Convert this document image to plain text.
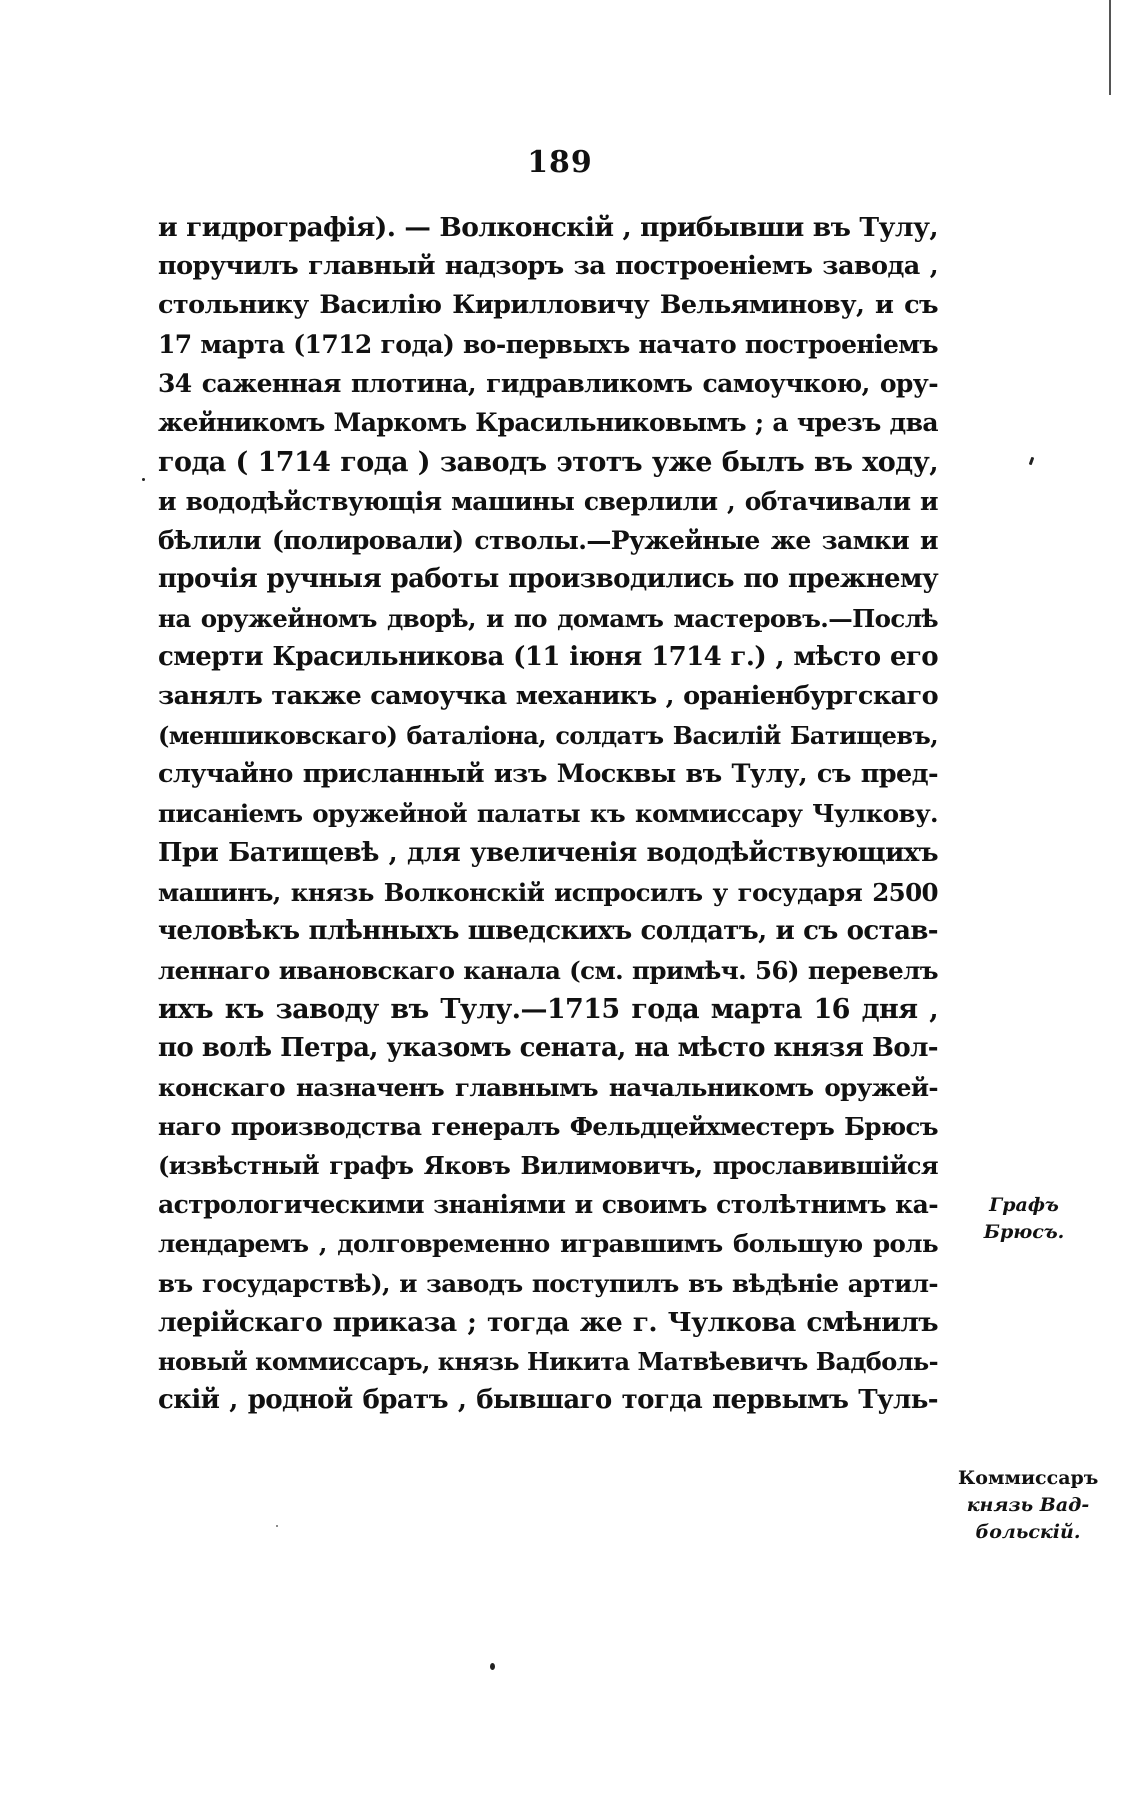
189
и гидрографія). — Волконскій , прибывши въ Тулу,
поручилъ главный надзоръ за построеніемъ завода ,
стольнику Василію Кирилловичу Вельяминову, и съ
17 марта (1712 года) во-первыхъ начато построеніемъ
34 саженная плотина, гидравликомъ самоучкою, ору-
жейникомъ Маркомъ Красильниковымъ ; а чрезъ два
года ( 1714 года ) заводъ этотъ уже былъ въ ходу,
и вододѣйствующія машины сверлили , обтачивали и
бѣлили (полировали) стволы.—Ружейные же замки и
прочія ручныя работы производились по прежнему
на оружейномъ дворѣ, и по домамъ мастеровъ.—Послѣ
смерти Красильникова (11 іюня 1714 г.) , мѣсто его
занялъ также самоучка механикъ , ораніенбургскаго
(меншиковскаго) баталіона, солдатъ Василій Батищевъ,
случайно присланный изъ Москвы въ Тулу, съ пред-
писаніемъ оружейной палаты къ коммиссару Чулкову.
При Батищевѣ , для увеличенія вододѣйствующихъ
машинъ, князь Волконскій испросилъ у государя 2500
человѣкъ плѣнныхъ шведскихъ солдатъ, и съ остав-
леннаго ивановскаго канала (см. примѣч. 56) перевелъ
ихъ къ заводу въ Тулу.—1715 года марта 16 дня ,
по волѣ Петра, указомъ сената, на мѣсто князя Вол-
конскаго назначенъ главнымъ начальникомъ оружей-
наго производства генералъ Фельдцейхместеръ Брюсъ
(извѣстный графъ Яковъ Вилимовичъ, прославившійся
астрологическими знаніями и своимъ столѣтнимъ ка-
лендаремъ , долговременно игравшимъ большую роль
въ государствѣ), и заводъ поступилъ въ вѣдѣніе артил-
лерійскаго приказа ; тогда же г. Чулкова смѣнилъ
новый коммиссаръ, князь Никита Матвѣевичъ Вадболь-
скій , родной братъ , бывшаго тогда первымъ Туль-
Графъ
Брюсъ.
Коммиссаръ
князь Вад-
больскій.
